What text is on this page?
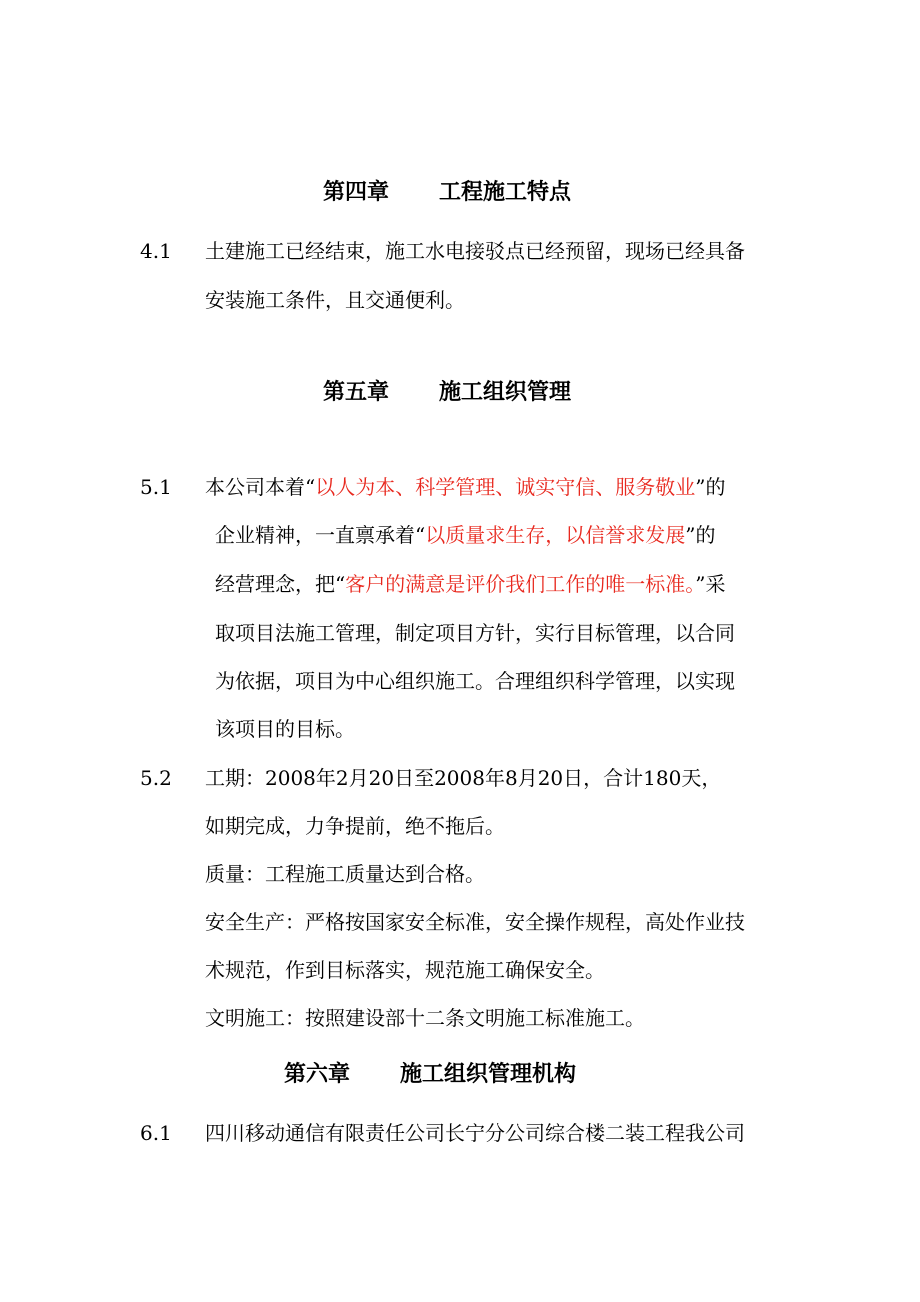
第四章 工程施工特点
4.1 土建施工已经结束，施工水电接驳点已经预留，现场已经具备
安装施工条件，且交通便利。
第五章 施工组织管理
5.1 本公司本着“以人为本、科学管理、诚实守信、服务敬业”的
企业精神，一直禀承着“以质量求生存，以信誉求发展”的
经营理念，把“客户的满意是评价我们工作的唯一标准。”采
取项目法施工管理，制定项目方针，实行目标管理，以合同
为依据，项目为中心组织施工。合理组织科学管理，以实现
该项目的目标。
5.2 工期：2008年2月20日至2008年8月20日，合计180天，
如期完成，力争提前，绝不拖后。
质量：工程施工质量达到合格。
安全生产：严格按国家安全标准，安全操作规程，高处作业技
术规范，作到目标落实，规范施工确保安全。
文明施工：按照建设部十二条文明施工标准施工。
第六章 施工组织管理机构
6.1 四川移动通信有限责任公司长宁分公司综合楼二装工程我公司
